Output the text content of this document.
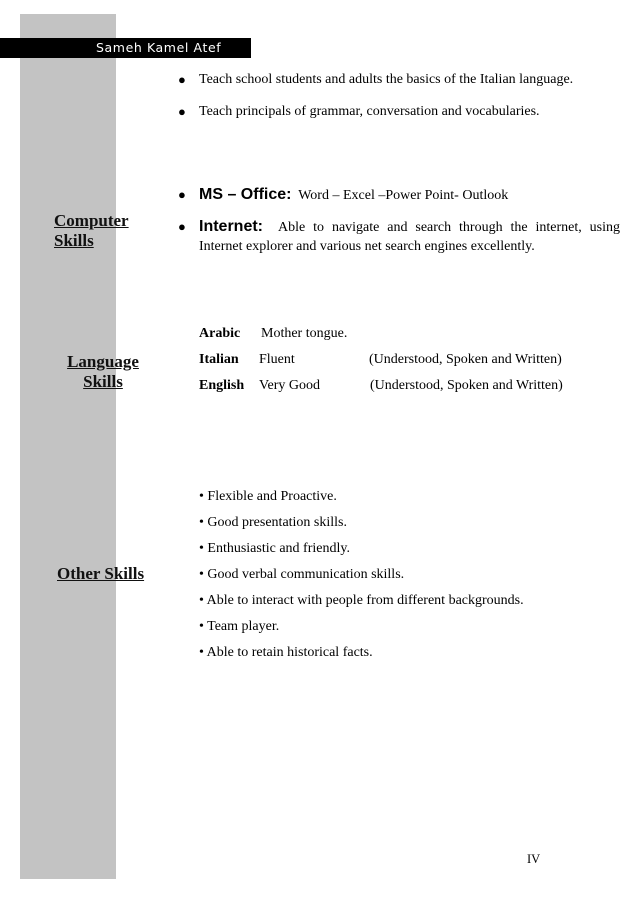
Sameh Kamel Atef
● Teach school students and adults the basics of the Italian language.
● Teach principals of grammar, conversation and vocabularies.
Computer
Skills
● MS – Office: Word – Excel –Power Point- Outlook
● Internet: Able to navigate and search through the internet, using Internet explorer and various net search engines excellently.
Language
Skills
Arabic Mother tongue.
Italian Fluent	(Understood, Spoken and Written)
English Very Good	(Understood, Spoken and Written)
Other Skills
• Flexible and Proactive.
• Good presentation skills.
• Enthusiastic and friendly.
• Good verbal communication skills.
• Able to interact with people from different backgrounds.
• Team player.
• Able to retain historical facts.
IV
